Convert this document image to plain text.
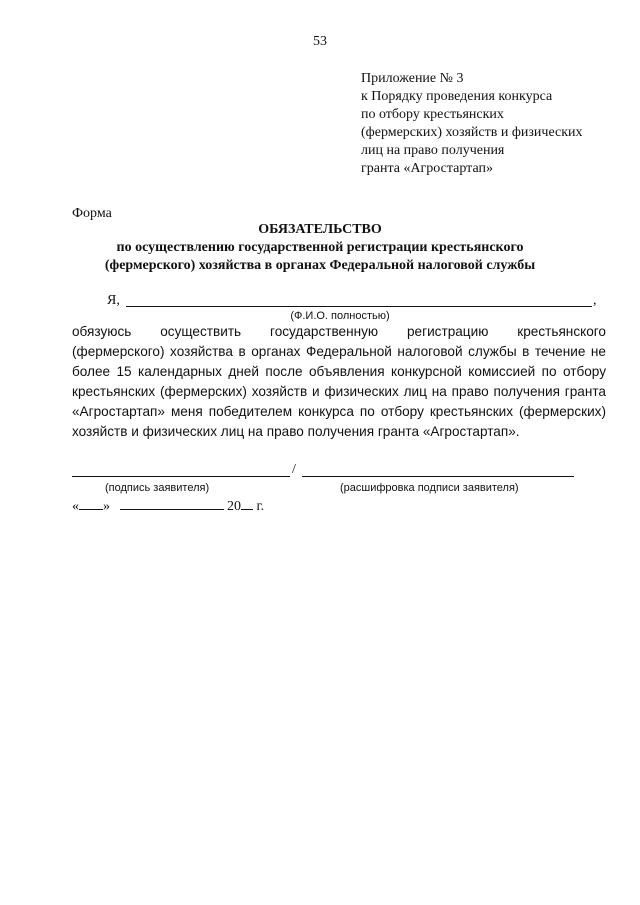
53
Приложение № 3
к Порядку проведения конкурса
по отбору крестьянских
(фермерских) хозяйств и физических
лиц на право получения
гранта «Агростартап»
Форма
ОБЯЗАТЕЛЬСТВО
по осуществлению государственной регистрации крестьянского
(фермерского) хозяйства в органах Федеральной налоговой службы
Я,	,
(Ф.И.О. полностью)
обязуюсь осуществить государственную регистрацию крестьянского
(фермерского) хозяйства в органах Федеральной налоговой службы в течение не
более 15 календарных дней после объявления конкурсной комиссией по отбору
крестьянских (фермерских) хозяйств и физических лиц на право получения гранта
«Агростартап» меня победителем конкурса по отбору крестьянских (фермерских)
хозяйств и физических лиц на право получения гранта «Агростартап».
/
(подпись заявителя)	(расшифровка подписи заявителя)
« »	20 г.
